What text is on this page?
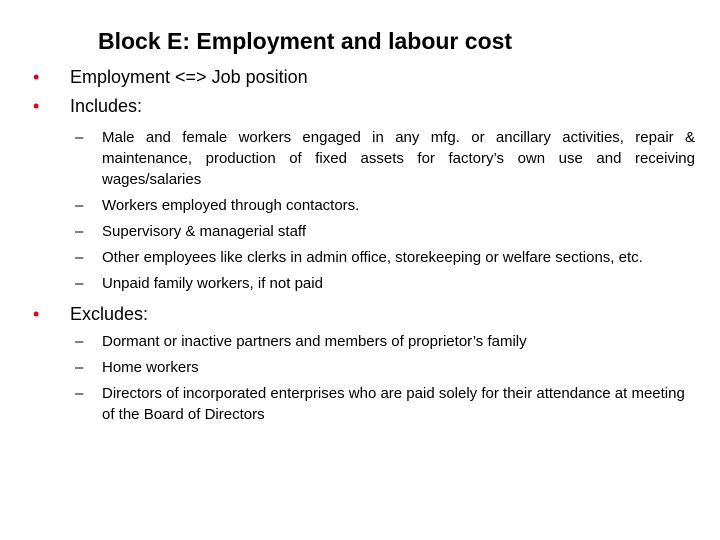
Block E: Employment and labour cost
• Employment <=> Job position
• Includes:
– Male and female workers engaged in any mfg. or ancillary activities, repair & maintenance, production of fixed assets for factory’s own use and receiving wages/salaries
– Workers employed through contactors.
– Supervisory & managerial staff
– Other employees like clerks in admin office, storekeeping or welfare sections, etc.
– Unpaid family workers, if not paid
• Excludes:
– Dormant or inactive partners and members of proprietor’s family
– Home workers
– Directors of incorporated enterprises who are paid solely for their attendance at meeting of the Board of Directors
